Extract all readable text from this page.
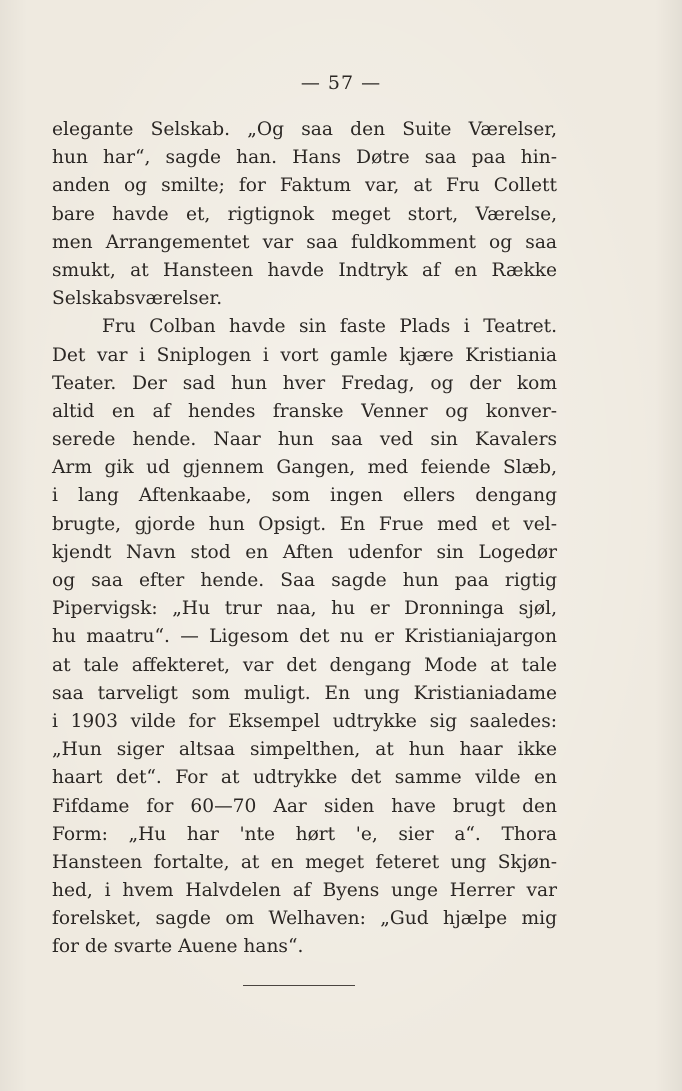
— 57 —
elegante Selskab. „Og saa den Suite Værelser,
hun har“, sagde han. Hans Døtre saa paa hin-
anden og smilte; for Faktum var, at Fru Collett
bare havde et, rigtignok meget stort, Værelse,
men Arrangementet var saa fuldkomment og saa
smukt, at Hansteen havde Indtryk af en Række
Selskabsværelser.
Fru Colban havde sin faste Plads i Teatret.
Det var i Sniplogen i vort gamle kjære Kristiania
Teater. Der sad hun hver Fredag, og der kom
altid en af hendes franske Venner og konver-
serede hende. Naar hun saa ved sin Kavalers
Arm gik ud gjennem Gangen, med feiende Slæb,
i lang Aftenkaabe, som ingen ellers dengang
brugte, gjorde hun Opsigt. En Frue med et vel-
kjendt Navn stod en Aften udenfor sin Logedør
og saa efter hende. Saa sagde hun paa rigtig
Pipervigsk: „Hu trur naa, hu er Dronninga sjøl,
hu maatru“. — Ligesom det nu er Kristianiajargon
at tale affekteret, var det dengang Mode at tale
saa tarveligt som muligt. En ung Kristianiadame
i 1903 vilde for Eksempel udtrykke sig saaledes:
„Hun siger altsaa simpelthen, at hun haar ikke
haart det“. For at udtrykke det samme vilde en
Fifdame for 60—70 Aar siden have brugt den
Form: „Hu har 'nte hørt 'e, sier a“. Thora
Hansteen fortalte, at en meget feteret ung Skjøn-
hed, i hvem Halvdelen af Byens unge Herrer var
forelsket, sagde om Welhaven: „Gud hjælpe mig
for de svarte Auene hans“.
